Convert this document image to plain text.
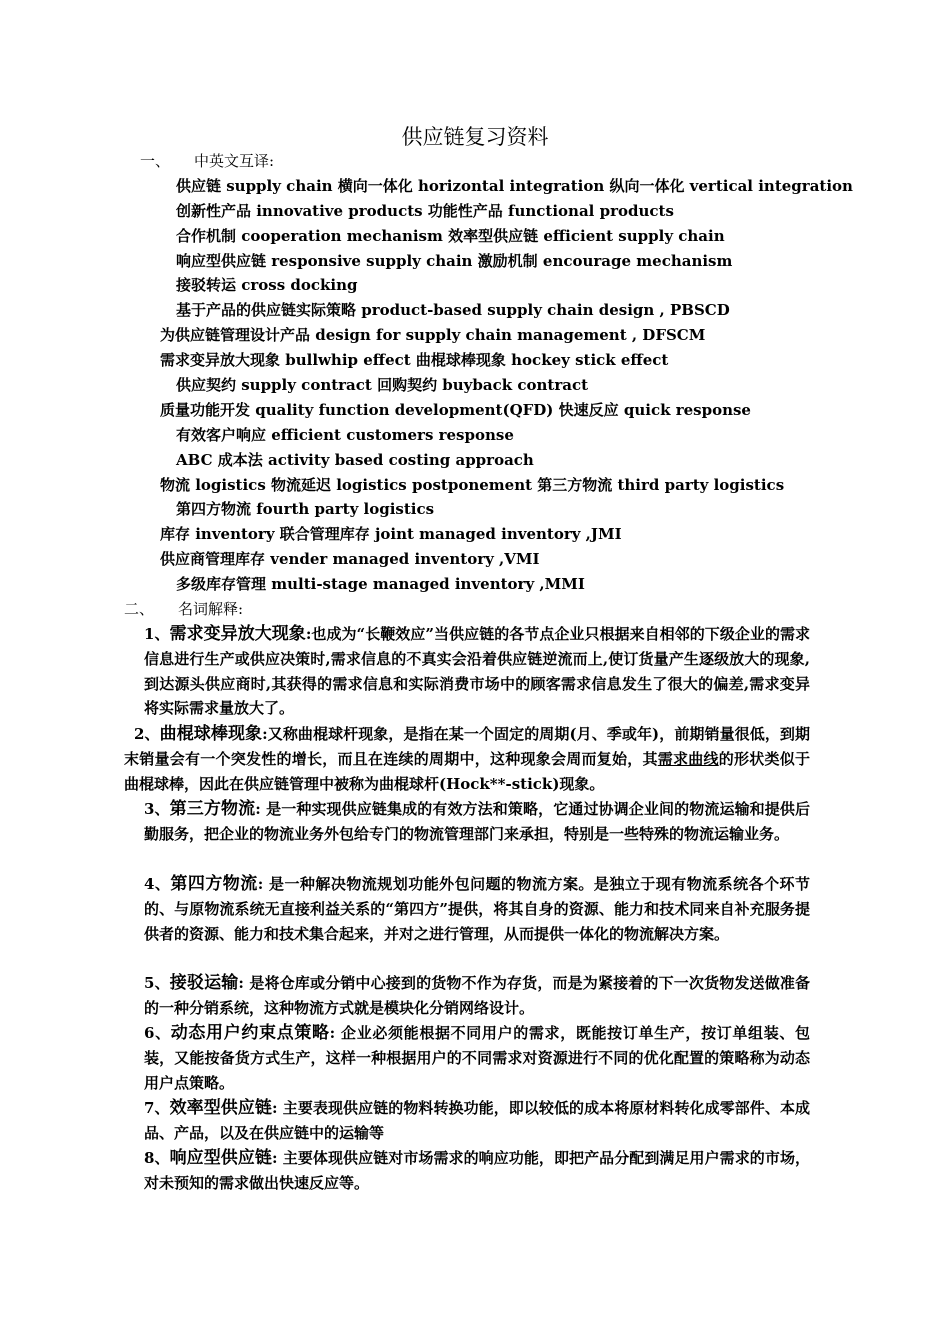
供应链复习资料
一、 中英文互译:
供应链 supply chain 横向一体化 horizontal integration 纵向一体化 vertical integration
创新性产品 innovative products 功能性产品 functional products
合作机制 cooperation mechanism 效率型供应链 efficient supply chain
响应型供应链 responsive supply chain 激励机制 encourage mechanism
接驳转运 cross docking
基于产品的供应链实际策略 product-based supply chain design , PBSCD
为供应链管理设计产品 design for supply chain management , DFSCM
需求变异放大现象 bullwhip effect 曲棍球棒现象 hockey stick effect
供应契约 supply contract 回购契约 buyback contract
质量功能开发 quality function development(QFD) 快速反应 quick response
有效客户响应 efficient customers response
ABC 成本法 activity based costing approach
物流 logistics 物流延迟 logistics postponement 第三方物流 third party logistics
第四方物流 fourth party logistics
库存 inventory 联合管理库存 joint managed inventory ,JMI
供应商管理库存 vender managed inventory ,VMI
多级库存管理 multi-stage managed inventory ,MMI
二、 名词解释:
1、需求变异放大现象:也成为“长鞭效应”当供应链的各节点企业只根据来自相邻的下级企业的需求信息进行生产或供应决策时,需求信息的不真实会沿着供应链逆流而上,使订货量产生逐级放大的现象,到达源头供应商时,其获得的需求信息和实际消费市场中的顾客需求信息发生了很大的偏差,需求变异将实际需求量放大了。
2、曲棍球棒现象:又称曲棍球杆现象，是指在某一个固定的周期(月、季或年)，前期销量很低，到期末销量会有一个突发性的增长，而且在连续的周期中，这种现象会周而复始，其需求曲线的形状类似于曲棍球棒，因此在供应链管理中被称为曲棍球杆(Hock**-stick)现象。
3、第三方物流: 是一种实现供应链集成的有效方法和策略，它通过协调企业间的物流运输和提供后勤服务，把企业的物流业务外包给专门的物流管理部门来承担，特别是一些特殊的物流运输业务。
4、第四方物流: 是一种解决物流规划功能外包问题的物流方案。是独立于现有物流系统各个环节的、与原物流系统无直接利益关系的“第四方”提供，将其自身的资源、能力和技术同来自补充服务提供者的资源、能力和技术集合起来，并对之进行管理，从而提供一体化的物流解决方案。
5、接驳运输: 是将仓库或分销中心接到的货物不作为存货，而是为紧接着的下一次货物发送做准备的一种分销系统，这种物流方式就是模块化分销网络设计。
6、动态用户约束点策略: 企业必须能根据不同用户的需求，既能按订单生产，按订单组装、包装，又能按备货方式生产，这样一种根据用户的不同需求对资源进行不同的优化配置的策略称为动态用户点策略。
7、效率型供应链: 主要表现供应链的物料转换功能，即以较低的成本将原材料转化成零部件、本成品、产品，以及在供应链中的运输等
8、响应型供应链: 主要体现供应链对市场需求的响应功能，即把产品分配到满足用户需求的市场，对未预知的需求做出快速反应等。
